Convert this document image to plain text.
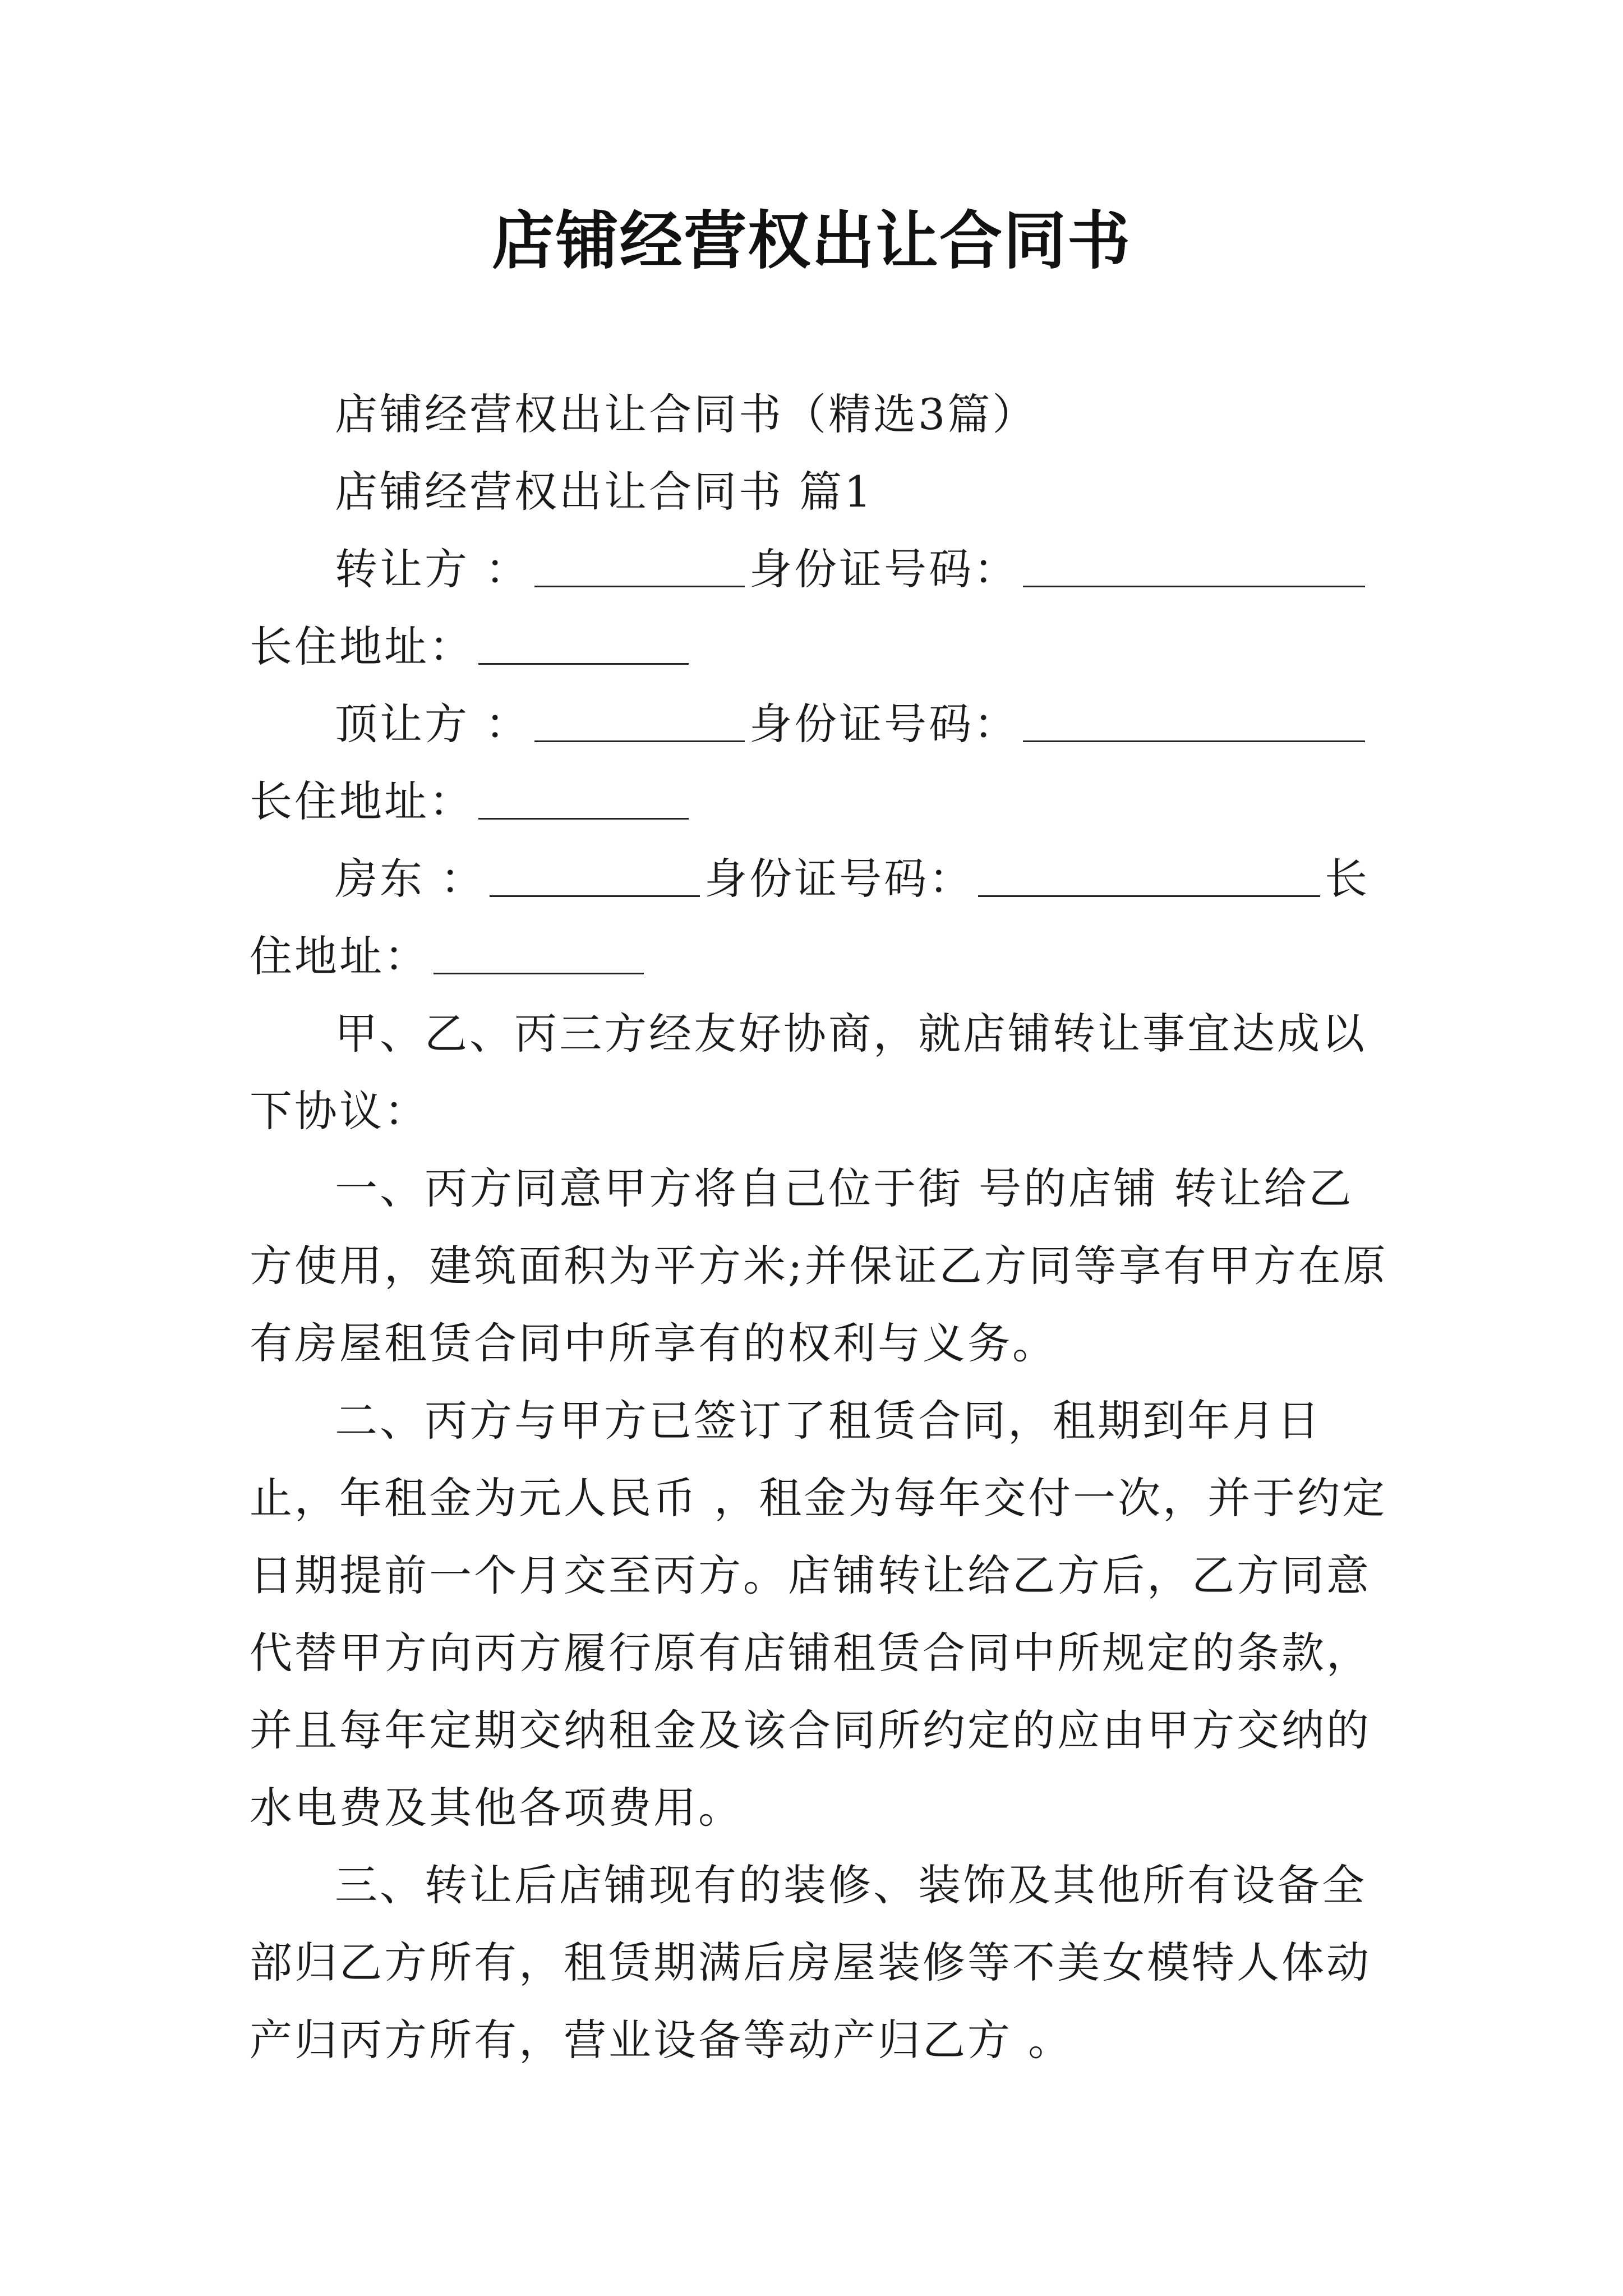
店铺经营权出让合同书

店铺经营权出让合同书（精选3篇）

店铺经营权出让合同书 篇1

转让方 ：	身份证号码：长住地址：

顶让方 ：	身份证号码：长住地址：

房东 ：	身份证号码：	长住地址：

甲、乙、丙三方经友好协商，就店铺转让事宜达成以下协议：

一、丙方同意甲方将自己位于街 号的店铺 转让给乙方使用，建筑面积为平方米;并保证乙方同等享有甲方在原有房屋租赁合同中所享有的权利与义务。

二、丙方与甲方已签订了租赁合同，租期到年月日止，年租金为元人民币 ，租金为每年交付一次，并于约定日期提前一个月交至丙方。店铺转让给乙方后，乙方同意代替甲方向丙方履行原有店铺租赁合同中所规定的条款，并且每年定期交纳租金及该合同所约定的应由甲方交纳的水电费及其他各项费用。

三、转让后店铺现有的装修、装饰及其他所有设备全部归乙方所有，租赁期满后房屋装修等不美女模特人体动产归丙方所有，营业设备等动产归乙方 。
